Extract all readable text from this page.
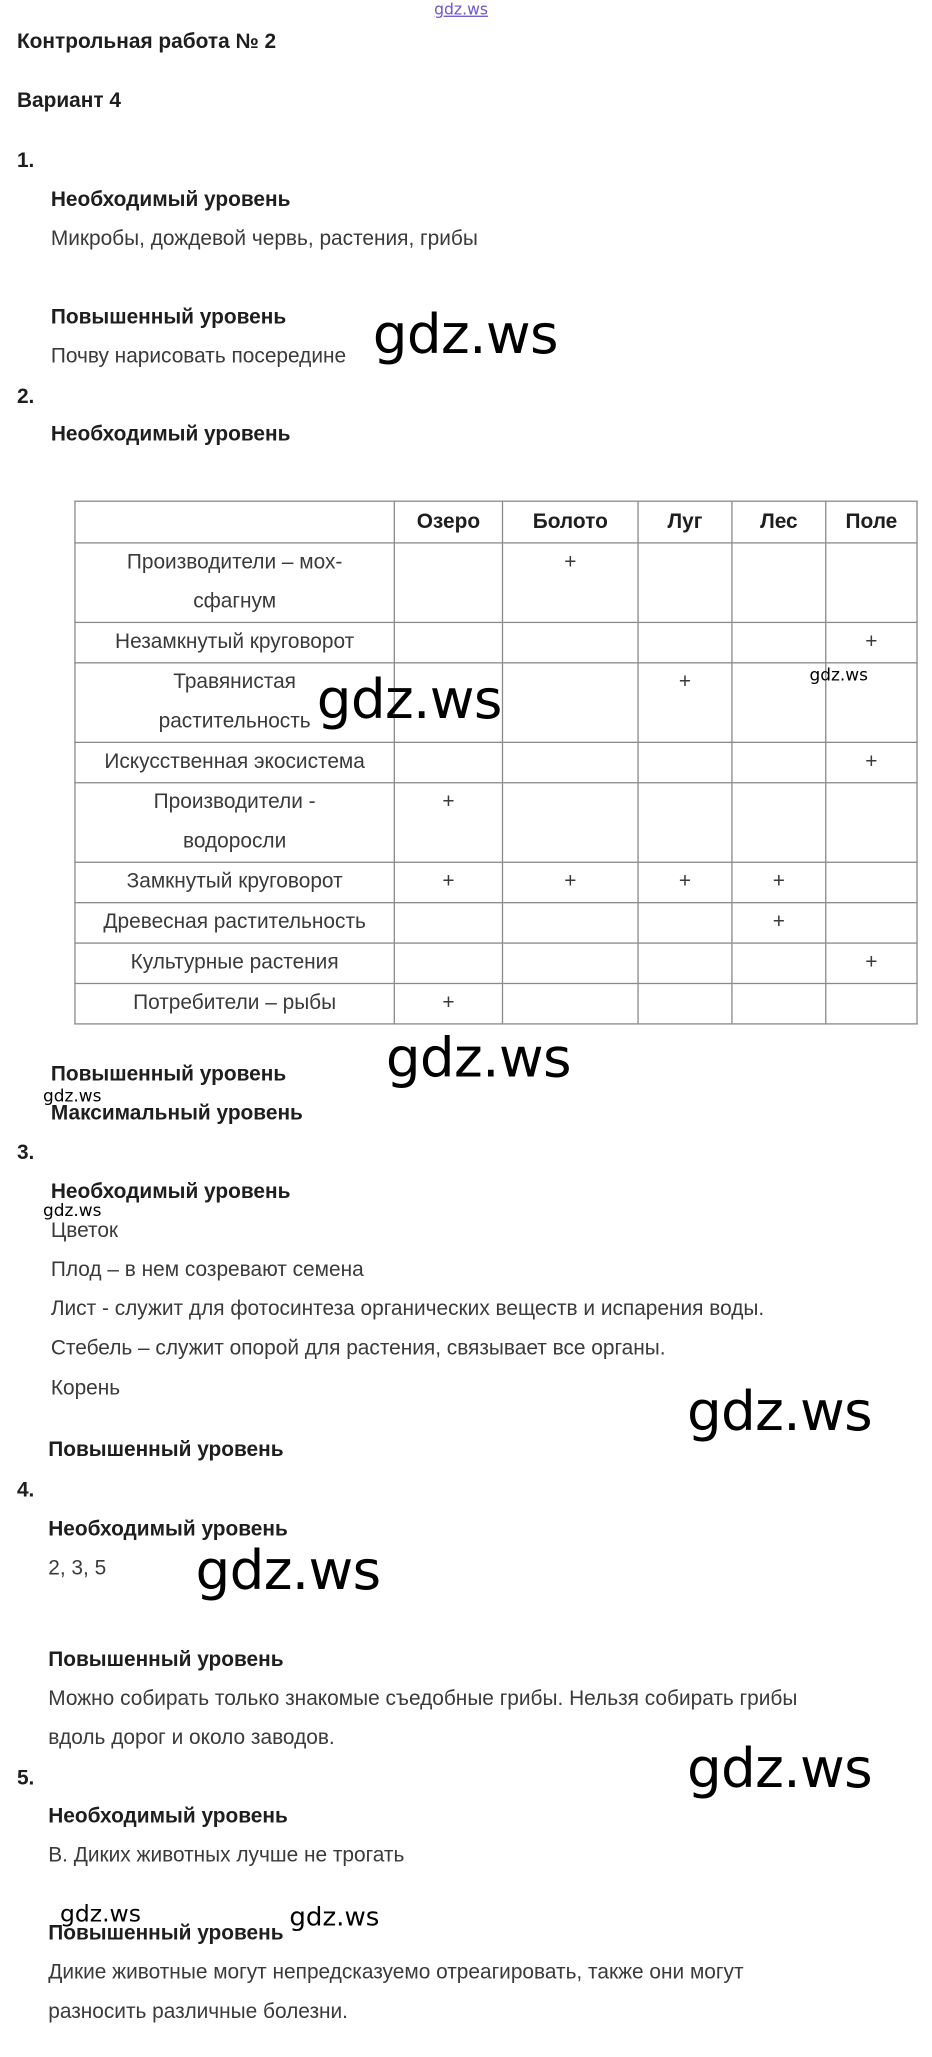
gdz.ws
Контрольная работа № 2
Вариант 4
1.
Необходимый уровень
Микробы, дождевой червь, растения, грибы
Повышенный уровень
Почву нарисовать посередине gdz.ws
2.
Необходимый уровень
	Озеро	Болото	Луг	Лес	Поле

Производители – мох-
сфагнум		+			

Незамкнутый круговорот					+

Травянистая
растительность			+		

Искусственная экосистема					+

Производители -
водоросли	+				

Замкнутый круговорот	+	+	+	+	

Древесная растительность				+	

Культурные растения					+

Потребители – рыбы	+				
gdz.ws	gdz.ws
gdz.ws
Повышенный уровень
gdz.ws
Максимальный уровень
3.
Необходимый уровень
gdz.ws
Цветок
Плод – в нем созревают семена
Лист - служит для фотосинтеза органических веществ и испарения воды.
Стебель – служит опорой для растения, связывает все органы.
Корень	gdz.ws
Повышенный уровень
4.
Необходимый уровень
2, 3, 5 gdz.ws
Повышенный уровень
Можно собирать только знакомые съедобные грибы. Нельзя собирать грибы
вдоль дорог и около заводов.	gdz.ws
5.
Необходимый уровень
В. Диких животных лучше не трогать
gdz.ws	gdz.ws
Повышенный уровень
Дикие животные могут непредсказуемо отреагировать, также они могут
разносить различные болезни.
